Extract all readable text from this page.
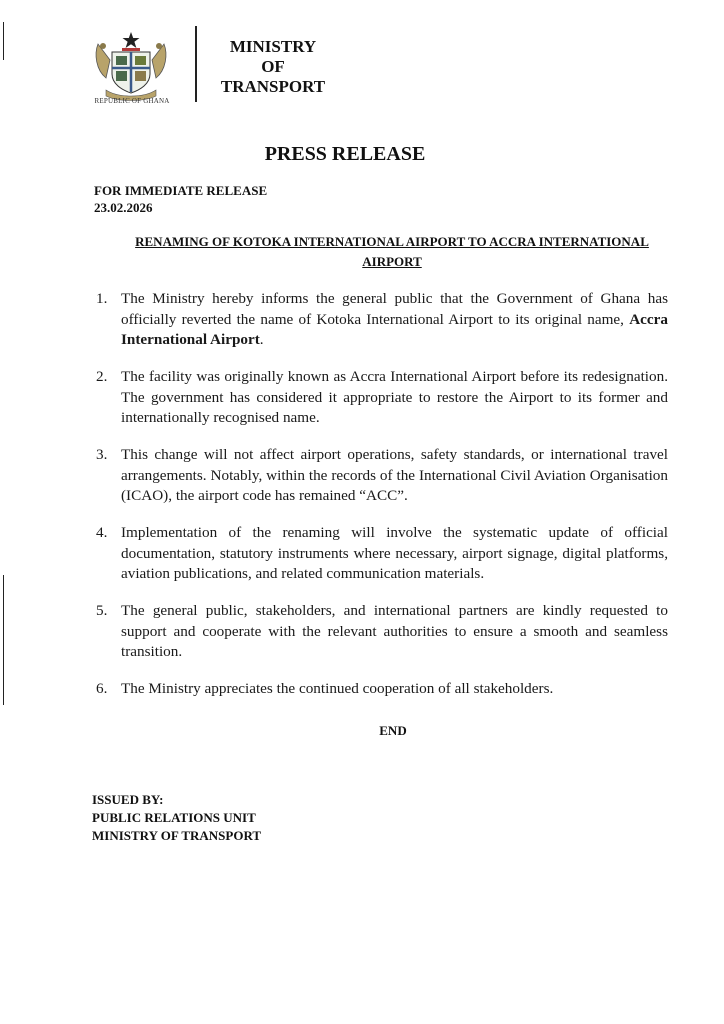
REPUBLIC OF GHANA
MINISTRY
OF
TRANSPORT
PRESS RELEASE
FOR IMMEDIATE RELEASE
23.02.2026
RENAMING OF KOTOKA INTERNATIONAL AIRPORT TO ACCRA INTERNATIONAL
AIRPORT
1. The Ministry hereby informs the general public that the Government of Ghana has officially reverted the name of Kotoka International Airport to its original name, Accra International Airport.
2. The facility was originally known as Accra International Airport before its redesignation. The government has considered it appropriate to restore the Airport to its former and internationally recognised name.
3. This change will not affect airport operations, safety standards, or international travel arrangements. Notably, within the records of the International Civil Aviation Organisation (ICAO), the airport code has remained “ACC”.
4. Implementation of the renaming will involve the systematic update of official documentation, statutory instruments where necessary, airport signage, digital platforms, aviation publications, and related communication materials.
5. The general public, stakeholders, and international partners are kindly requested to support and cooperate with the relevant authorities to ensure a smooth and seamless transition.
6. The Ministry appreciates the continued cooperation of all stakeholders.
END
ISSUED BY:
PUBLIC RELATIONS UNIT
MINISTRY OF TRANSPORT
